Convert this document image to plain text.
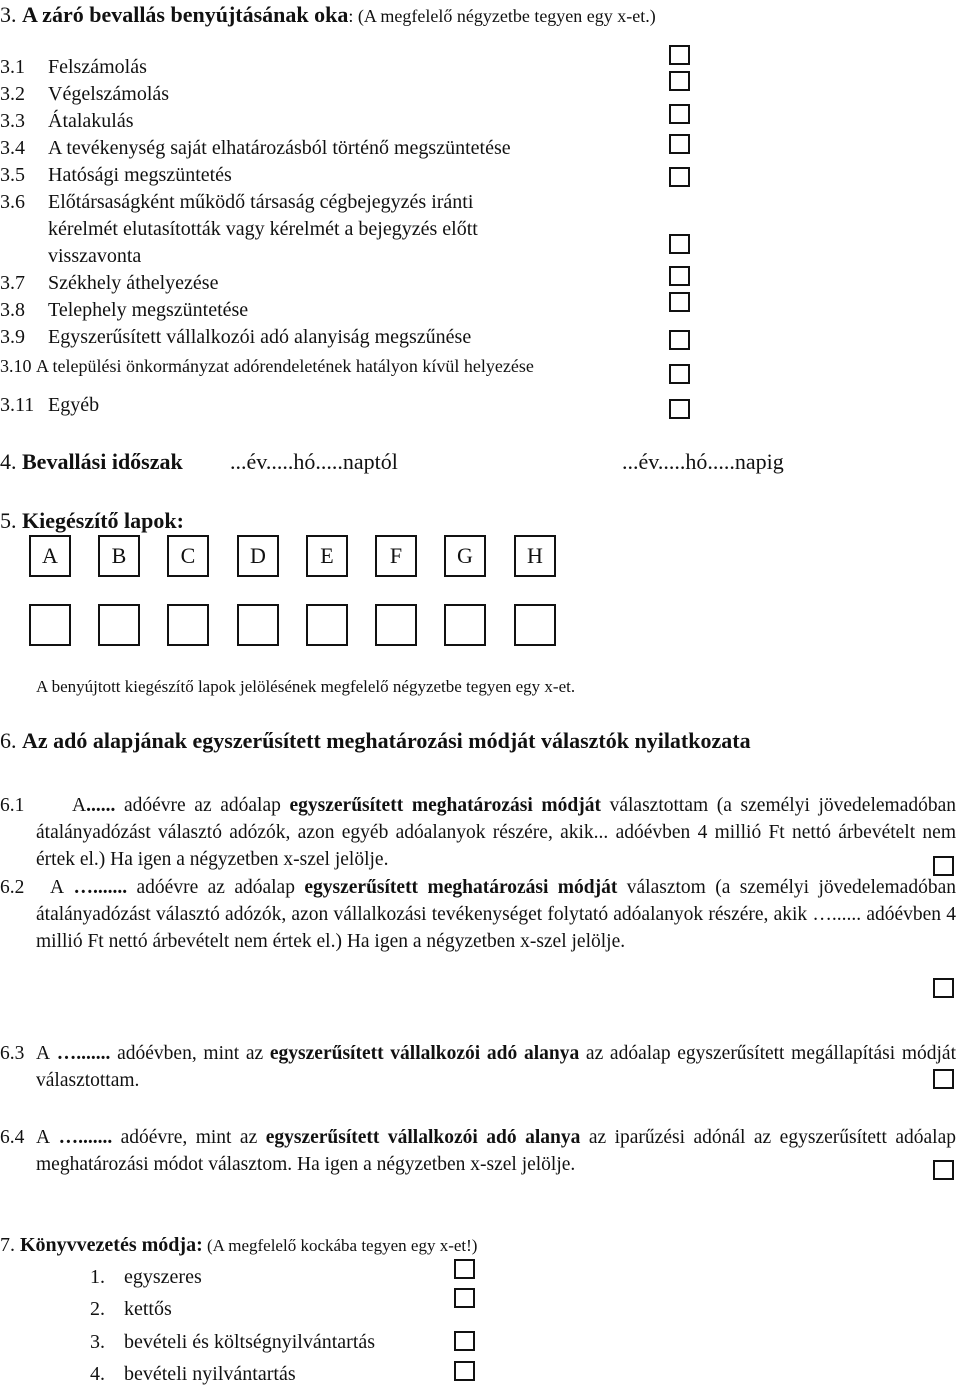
3. A záró bevallás benyújtásának oka: (A megfelelő négyzetbe tegyen egy x-et.)
3.1 Felszámolás
3.2 Végelszámolás
3.3 Átalakulás
3.4 A tevékenység saját elhatározásból történő megszüntetése
3.5 Hatósági megszüntetés
3.6 Előtársaságként működő társaság cégbejegyzés iránti
kérelmét elutasították vagy kérelmét a bejegyzés előtt
visszavonta
3.7 Székhely áthelyezése
3.8 Telephely megszüntetése
3.9 Egyszerűsített vállalkozói adó alanyiság megszűnése
3.10 A települési önkormányzat adórendeletének hatályon kívül helyezése
3.11 Egyéb
4. Bevallási időszak ...év.....hó.....naptól	...év.....hó.....napig
5. Kiegészítő lapok:
A	B	C	D	E	F	G	H
A benyújtott kiegészítő lapok jelölésének megfelelő négyzetbe tegyen egy x-et.
6. Az adó alapjának egyszerűsített meghatározási módját választók nyilatkozata
6.1	A...... adóévre az adóalap egyszerűsített meghatározási módját választottam (a személyi jövedelemadóban átalányadózást választó adózók, azon egyéb adóalanyok részére, akik... adóévben 4 millió Ft nettó árbevételt nem értek el.) Ha igen a négyzetben x-szel jelölje.
6.2	A …....... adóévre az adóalap egyszerűsített meghatározási módját választom (a személyi jövedelemadóban átalányadózást választó adózók, azon vállalkozási tevékenységet folytató adóalanyok részére, akik …...... adóévben 4 millió Ft nettó árbevételt nem értek el.) Ha igen a négyzetben x-szel jelölje.
6.3 A …....... adóévben, mint az egyszerűsített vállalkozói adó alanya az adóalap egyszerűsített megállapítási módját választottam.
6.4 A …....... adóévre, mint az egyszerűsített vállalkozói adó alanya az iparűzési adónál az egyszerűsített adóalap meghatározási módot választom. Ha igen a négyzetben x-szel jelölje.
7. Könyvvezetés módja: (A megfelelő kockába tegyen egy x-et!)
1. egyszeres
2. kettős
3. bevételi és költségnyilvántartás
4. bevételi nyilvántartás
